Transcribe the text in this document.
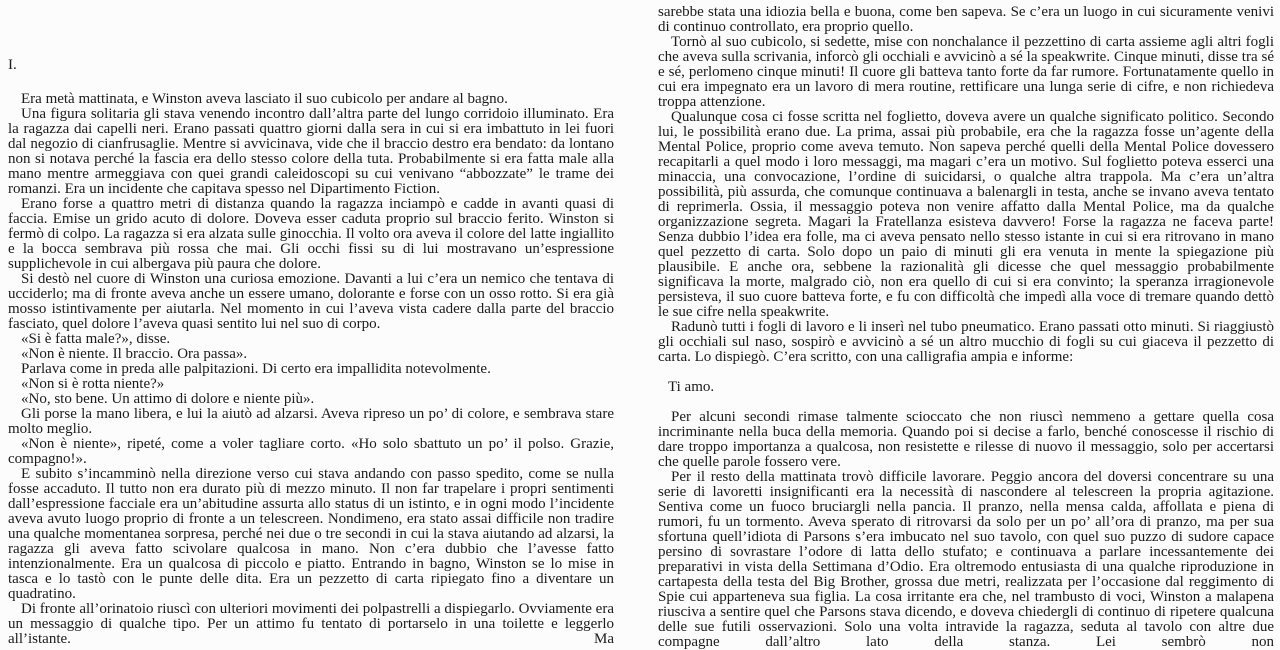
I.

Era metà mattinata, e Winston aveva lasciato il suo cubicolo per andare al bagno.

Una figura solitaria gli stava venendo incontro dall’altra parte del lungo corridoio illuminato. Era la ragazza dai capelli neri. Erano passati quattro giorni dalla sera in cui si era imbattuto in lei fuori dal negozio di cianfrusaglie. Mentre si avvicinava, vide che il braccio destro era bendato: da lontano non si notava perché la fascia era dello stesso colore della tuta. Probabilmente si era fatta male alla mano mentre armeggiava con quei grandi caleidoscopi su cui venivano “abbozzate” le trame dei romanzi. Era un incidente che capitava spesso nel Dipartimento Fiction.

Erano forse a quattro metri di distanza quando la ragazza inciampò e cadde in avanti quasi di faccia. Emise un grido acuto di dolore. Doveva esser caduta proprio sul braccio ferito. Winston si fermò di colpo. La ragazza si era alzata sulle ginocchia. Il volto ora aveva il colore del latte ingiallito e la bocca sembrava più rossa che mai. Gli occhi fissi su di lui mostravano un’espressione supplichevole in cui albergava più paura che dolore.

Si destò nel cuore di Winston una curiosa emozione. Davanti a lui c’era un nemico che tentava di ucciderlo; ma di fronte aveva anche un essere umano, dolorante e forse con un osso rotto. Si era già mosso istintivamente per aiutarla. Nel momento in cui l’aveva vista cadere dalla parte del braccio fasciato, quel dolore l’aveva quasi sentito lui nel suo di corpo.

«Si è fatta male?», disse.

«Non è niente. Il braccio. Ora passa».

Parlava come in preda alle palpitazioni. Di certo era impallidita notevolmente.

«Non si è rotta niente?»

«No, sto bene. Un attimo di dolore e niente più».

Gli porse la mano libera, e lui la aiutò ad alzarsi. Aveva ripreso un po’ di colore, e sembrava stare molto meglio.

«Non è niente», ripeté, come a voler tagliare corto. «Ho solo sbattuto un po’ il polso. Grazie, compagno!».

E subito s’incamminò nella direzione verso cui stava andando con passo spedito, come se nulla fosse accaduto. Il tutto non era durato più di mezzo minuto. Il non far trapelare i propri sentimenti dall’espressione facciale era un’abitudine assurta allo status di un istinto, e in ogni modo l’incidente aveva avuto luogo proprio di fronte a un telescreen. Nondimeno, era stato assai difficile non tradire una qualche momentanea sorpresa, perché nei due o tre secondi in cui la stava aiutando ad alzarsi, la ragazza gli aveva fatto scivolare qualcosa in mano. Non c’era dubbio che l’avesse fatto intenzionalmente. Era un qualcosa di piccolo e piatto. Entrando in bagno, Winston se lo mise in tasca e lo tastò con le punte delle dita. Era un pezzetto di carta ripiegato fino a diventare un quadratino.

Di fronte all’orinatoio riuscì con ulteriori movimenti dei polpastrelli a dispiegarlo. Ovviamente era un messaggio di qualche tipo. Per un attimo fu tentato di portarselo in una toilette e leggerlo all’istante. Ma

sarebbe stata una idiozia bella e buona, come ben sapeva. Se c’era un luogo in cui sicuramente venivi di continuo controllato, era proprio quello.

Tornò al suo cubicolo, si sedette, mise con nonchalance il pezzettino di carta assieme agli altri fogli che aveva sulla scrivania, inforcò gli occhiali e avvicinò a sé la speakwrite. Cinque minuti, disse tra sé e sé, perlomeno cinque minuti! Il cuore gli batteva tanto forte da far rumore. Fortunatamente quello in cui era impegnato era un lavoro di mera routine, rettificare una lunga serie di cifre, e non richiedeva troppa attenzione.

Qualunque cosa ci fosse scritta nel foglietto, doveva avere un qualche significato politico. Secondo lui, le possibilità erano due. La prima, assai più probabile, era che la ragazza fosse un’agente della Mental Police, proprio come aveva temuto. Non sapeva perché quelli della Mental Police dovessero recapitarli a quel modo i loro messaggi, ma magari c’era un motivo. Sul foglietto poteva esserci una minaccia, una convocazione, l’ordine di suicidarsi, o qualche altra trappola. Ma c’era un’altra possibilità, più assurda, che comunque continuava a balenargli in testa, anche se invano aveva tentato di reprimerla. Ossia, il messaggio poteva non venire affatto dalla Mental Police, ma da qualche organizzazione segreta. Magari la Fratellanza esisteva davvero! Forse la ragazza ne faceva parte! Senza dubbio l’idea era folle, ma ci aveva pensato nello stesso istante in cui si era ritrovano in mano quel pezzetto di carta. Solo dopo un paio di minuti gli era venuta in mente la spiegazione più plausibile. E anche ora, sebbene la razionalità gli dicesse che quel messaggio probabilmente significava la morte, malgrado ciò, non era quello di cui si era convinto; la speranza irragionevole persisteva, il suo cuore batteva forte, e fu con difficoltà che impedì alla voce di tremare quando dettò le sue cifre nella speakwrite.

Radunò tutti i fogli di lavoro e li inserì nel tubo pneumatico. Erano passati otto minuti. Si riaggiustò gli occhiali sul naso, sospirò e avvicinò a sé un altro mucchio di fogli su cui giaceva il pezzetto di carta. Lo dispiegò. C’era scritto, con una calligrafia ampia e informe:

Ti amo.

Per alcuni secondi rimase talmente scioccato che non riuscì nemmeno a gettare quella cosa incriminante nella buca della memoria. Quando poi si decise a farlo, benché conoscesse il rischio di dare troppo importanza a qualcosa, non resistette e rilesse di nuovo il messaggio, solo per accertarsi che quelle parole fossero vere.

Per il resto della mattinata trovò difficile lavorare. Peggio ancora del doversi concentrare su una serie di lavoretti insignificanti era la necessità di nascondere al telescreen la propria agitazione. Sentiva come un fuoco bruciargli nella pancia. Il pranzo, nella mensa calda, affollata e piena di rumori, fu un tormento. Aveva sperato di ritrovarsi da solo per un po’ all’ora di pranzo, ma per sua sfortuna quell’idiota di Parsons s’era imbucato nel suo tavolo, con quel suo puzzo di sudore capace persino di sovrastare l’odore di latta dello stufato; e continuava a parlare incessantemente dei preparativi in vista della Settimana d’Odio. Era oltremodo entusiasta di una qualche riproduzione in cartapesta della testa del Big Brother, grossa due metri, realizzata per l’occasione dal reggimento di Spie cui apparteneva sua figlia. La cosa irritante era che, nel trambusto di voci, Winston a malapena riusciva a sentire quel che Parsons stava dicendo, e doveva chiedergli di continuo di ripetere qualcuna delle sue futili osservazioni. Solo una volta intravide la ragazza, seduta al tavolo con altre due compagne dall’altro lato della stanza. Lei sembrò non
